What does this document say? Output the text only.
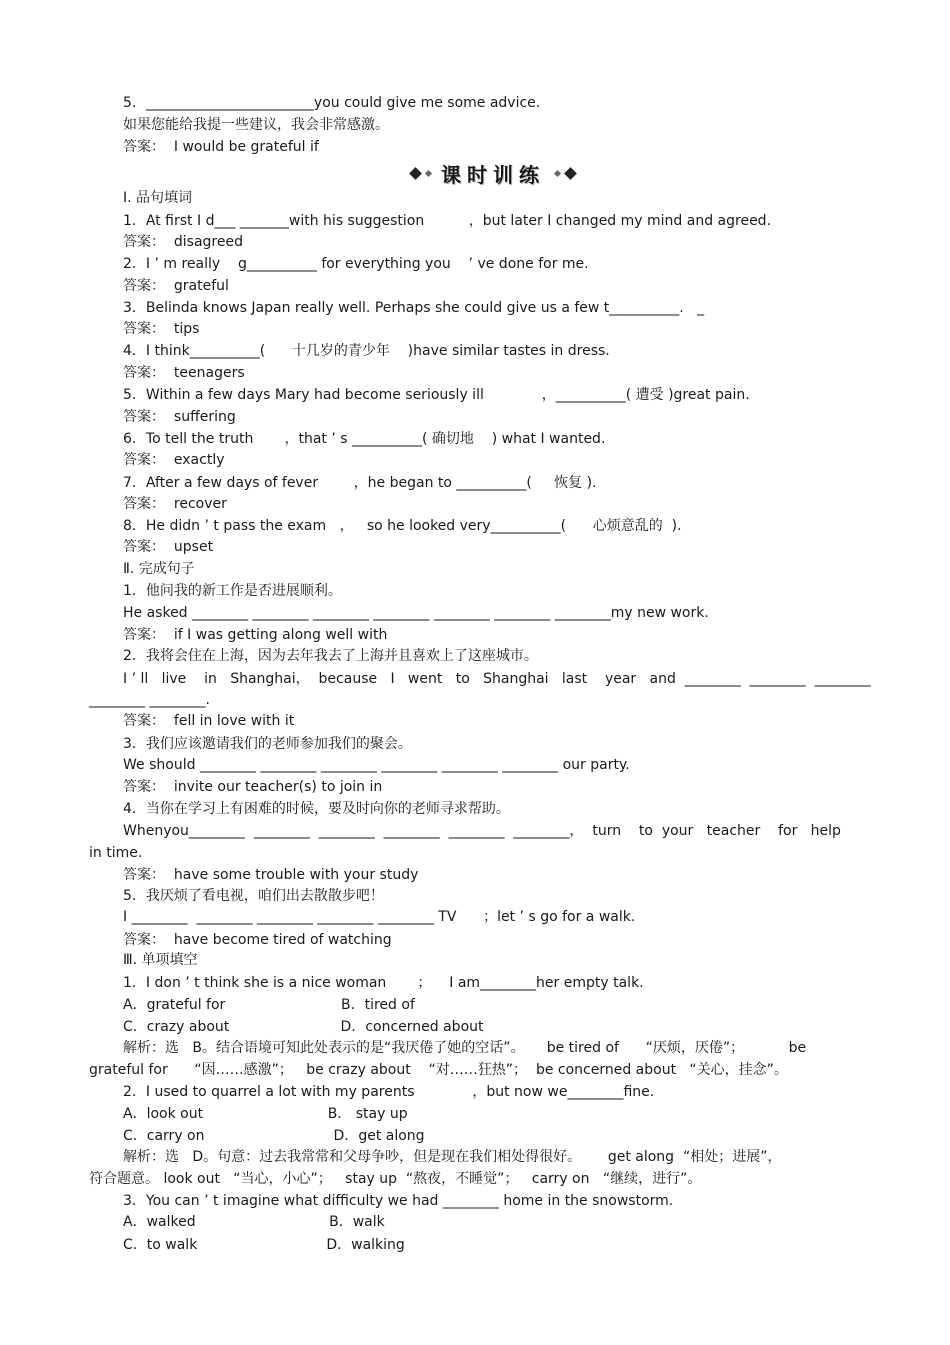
课时训练
5．________________________you could give me some advice.
如果您能给我提一些建议，我会非常感激。
答案：  I would be grateful if
Ⅰ. 品句填词
1．At first I d___ _______with his suggestion          ，but later I changed my mind and agreed.
答案：  disagreed
2．I ’ m really    g__________ for everything you    ’ ve done for me.
答案：  grateful
3．Belinda knows Japan really well. Perhaps she could give us a few t__________.   _
答案：  tips
4．I think__________(      十几岁的青少年    )have similar tastes in dress.
答案：  teenagers
5．Within a few days Mary had become seriously ill             ，__________( 遭受 )great pain.
答案：  suffering
6．To tell the truth       ，that ’ s __________( 确切地    ) what I wanted.
答案：  exactly
7．After a few days of fever        ，he began to __________(     恢复 ).
答案：  recover
8．He didn ’ t pass the exam   ，   so he looked very__________(      心烦意乱的  ).
答案：  upset
Ⅱ. 完成句子
1．他问我的新工作是否进展顺利。
He asked ________ ________ ________ ________ ________ ________ ________my new work.
答案：  if I was getting along well with
2．我将会住在上海，因为去年我去了上海并且喜欢上了这座城市。
I ’ ll   live    in   Shanghai，  because   I   went   to   Shanghai   last    year   and  ________  ________  ________
________ ________.
答案：  fell in love with it
3．我们应该邀请我们的老师参加我们的聚会。
We should ________ ________ ________ ________ ________ ________ our party.
答案：  invite our teacher(s) to join in
4．当你在学习上有困难的时候，要及时向你的老师寻求帮助。
Whenyou________  ________  ________  ________  ________  ________，  turn    to  your   teacher    for   help
in time.
答案：  have some trouble with your study
5．我厌烦了看电视，咱们出去散散步吧！
I ________  ________ ________ ________ ________ TV      ；let ’ s go for a walk.
答案：  have become tired of watching
Ⅲ. 单项填空
1．I don ’ t think she is a nice woman       ；    I am________her empty talk.
A．grateful for                          B．tired of
C．crazy about                         D．concerned about
解析：选   B。结合语境可知此处表示的是“我厌倦了她的空话”。     be tired of      “厌烦，厌倦”；          be
grateful for      “因……感激”；   be crazy about    “对……狂热”；  be concerned about   “关心，挂念”。
2．I used to quarrel a lot with my parents             ，but now we________fine.
A．look out                            B． stay up
C．carry on                             D．get along
解析：选   D。句意：过去我常常和父母争吵，但是现在我们相处得很好。      get along  “相处；进展”，
符合题意。 look out   “当心，小心”；   stay up  “熬夜，不睡觉”；   carry on   “继续，进行”。
3．You can ’ t imagine what difficulty we had ________ home in the snowstorm.
A．walked                              B．walk
C．to walk                             D．walking
